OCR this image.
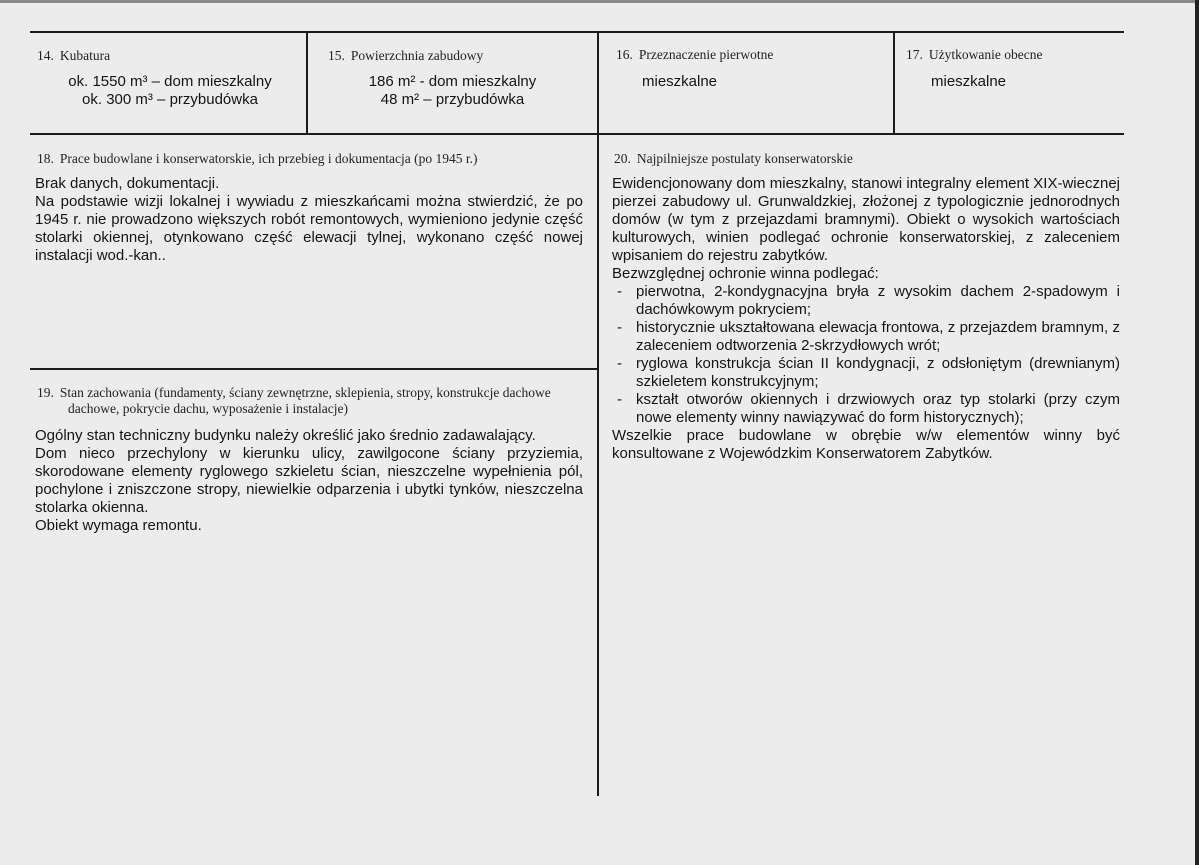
14. Kubatura

ok. 1550 m³ – dom mieszkalny

ok. 300 m³ – przybudówka

15. Powierzchnia zabudowy

186 m² - dom mieszkalny

48 m² – przybudówka

16. Przeznaczenie pierwotne

mieszkalne

17. Użytkowanie obecne

mieszkalne

18. Prace budowlane i konserwatorskie, ich przebieg i dokumentacja (po 1945 r.)

Brak danych, dokumentacji.

Na podstawie wizji lokalnej i wywiadu z mieszkańcami można stwierdzić, że po 1945 r. nie prowadzono większych robót remontowych, wymieniono jedynie część stolarki okiennej, otynkowano część elewacji tylnej, wykonano część nowej instalacji wod.-kan..

19. Stan zachowania (fundamenty, ściany zewnętrzne, sklepienia, stropy, konstrukcje dachowe
dachowe, pokrycie dachu, wyposażenie i instalacje)

Ogólny stan techniczny budynku należy określić jako średnio zadawalający.

Dom nieco przechylony w kierunku ulicy, zawilgocone ściany przyziemia, skorodowane elementy ryglowego szkieletu ścian, nieszczelne wypełnienia pól, pochylone i zniszczone stropy, niewielkie odparzenia i ubytki tynków, nieszczelna stolarka okienna.

Obiekt wymaga remontu.

20. Najpilniejsze postulaty konserwatorskie

Ewidencjonowany dom mieszkalny, stanowi integralny element XIX-wiecznej pierzei zabudowy ul. Grunwaldzkiej, złożonej z typologicznie jednorodnych domów (w tym z przejazdami bramnymi). Obiekt o wysokich wartościach kulturowych, winien podlegać ochronie konserwatorskiej, z zaleceniem wpisaniem do rejestru zabytków.

Bezwzględnej ochronie winna podlegać:

- pierwotna, 2-kondygnacyjna bryła z wysokim dachem 2-spadowym i dachówkowym pokryciem;
- historycznie ukształtowana elewacja frontowa, z przejazdem bramnym, z zaleceniem odtworzenia 2-skrzydłowych wrót;
- ryglowa konstrukcja ścian II kondygnacji, z odsłoniętym (drewnianym) szkieletem konstrukcyjnym;
- kształt otworów okiennych i drzwiowych oraz typ stolarki (przy czym nowe elementy winny nawiązywać do form historycznych);

Wszelkie prace budowlane w obrębie w/w elementów winny być konsultowane z Wojewódzkim Konserwatorem Zabytków.
